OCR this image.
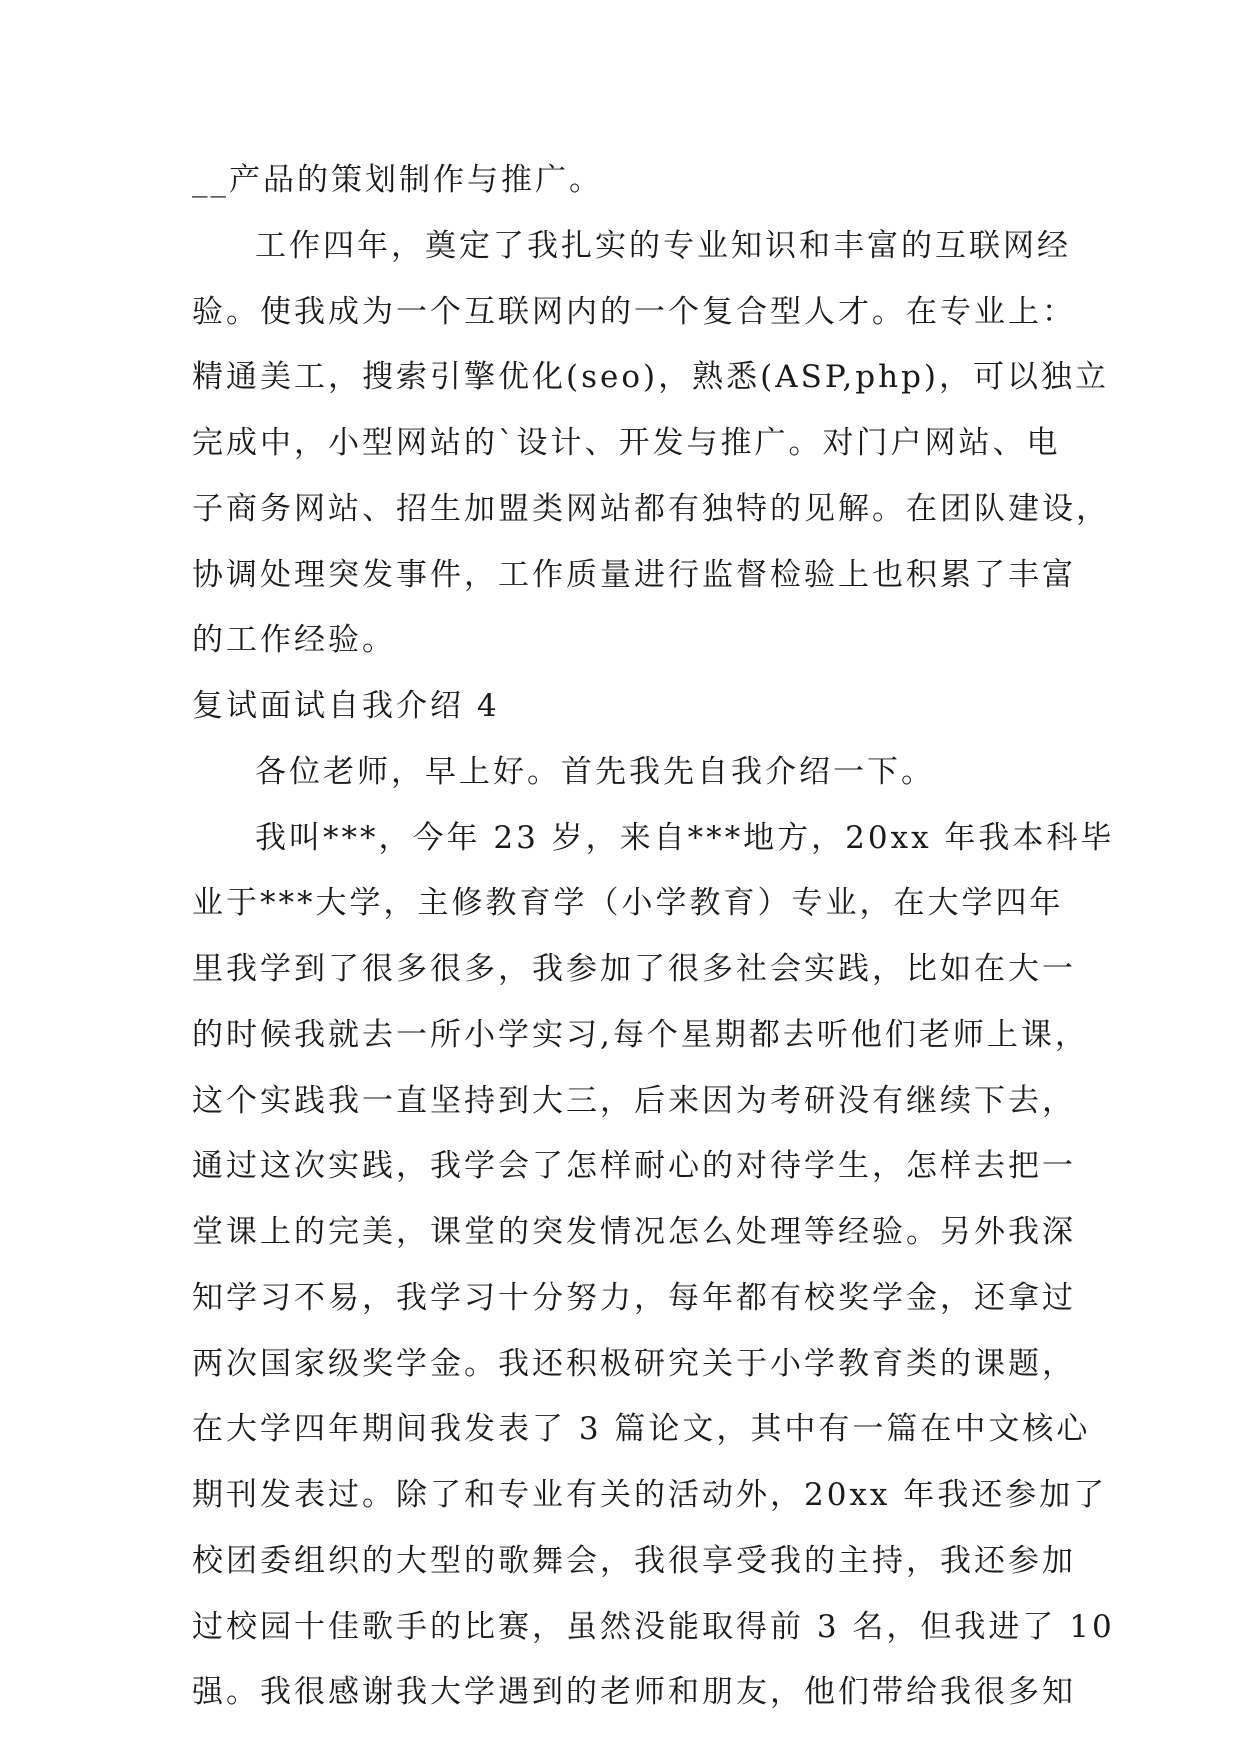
__产品的策划制作与推广。

工作四年，奠定了我扎实的专业知识和丰富的互联网经

验。使我成为一个互联网内的一个复合型人才。在专业上：

精通美工，搜索引擎优化(seo)，熟悉(ASP,php)，可以独立

完成中，小型网站的`设计、开发与推广。对门户网站、电

子商务网站、招生加盟类网站都有独特的见解。在团队建设，

协调处理突发事件，工作质量进行监督检验上也积累了丰富

的工作经验。

复试面试自我介绍 4

各位老师，早上好。首先我先自我介绍一下。

我叫***，今年 23 岁，来自***地方，20xx 年我本科毕

业于***大学，主修教育学（小学教育）专业，在大学四年

里我学到了很多很多，我参加了很多社会实践，比如在大一

的时候我就去一所小学实习,每个星期都去听他们老师上课，

这个实践我一直坚持到大三，后来因为考研没有继续下去，

通过这次实践，我学会了怎样耐心的对待学生，怎样去把一

堂课上的完美，课堂的突发情况怎么处理等经验。另外我深

知学习不易，我学习十分努力，每年都有校奖学金，还拿过

两次国家级奖学金。我还积极研究关于小学教育类的课题，

在大学四年期间我发表了 3 篇论文，其中有一篇在中文核心

期刊发表过。除了和专业有关的活动外，20xx 年我还参加了

校团委组织的大型的歌舞会，我很享受我的主持，我还参加

过校园十佳歌手的比赛，虽然没能取得前 3 名，但我进了 10

强。我很感谢我大学遇到的老师和朋友，他们带给我很多知
